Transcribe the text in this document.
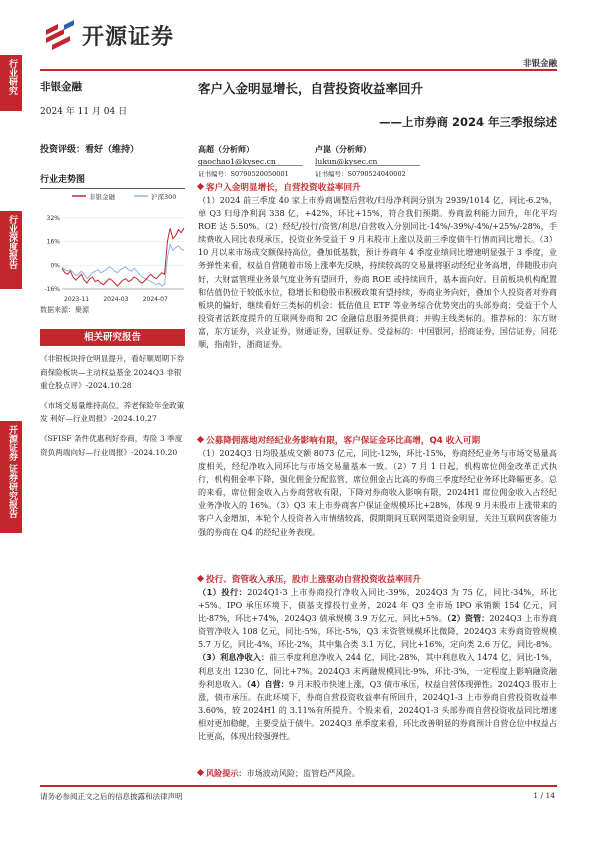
行业研究
行业深度报告
开源证券 证券研究报告
开源证券
非银金融
非银金融
2024 年 11 月 04 日
投资评级：看好（维持）
行业走势图
非银金融	沪深300
-16%
0%
16%
32%
2023-11 2024-03 2024-07
数据来源：聚源
相关研究报告
《非银板块持仓明显提升，看好顺周期下券商保险板块—主动权益基金 2024Q3 非银重仓股点评》-2024.10.28
《市场交易量维持高位，养老保险年金政策发 利好—行业周报》-2024.10.27
《SFISF 条件优惠利好券商，寿险 3 季度资负两端向好—行业周报》-2024.10.20
客户入金明显增长，自营投资收益率回升
——上市券商 2024 年三季报综述
高超（分析师）
gaochao1@kysec.cn
证书编号：S0790520050001
卢崑（分析师）
lukun@kysec.cn
证书编号：S0790524040002
客户入金明显增长，自营投资收益率回升
（1）2024 前三季度 40 家上市券商调整后营收/归母净利润分别为 2939/1014 亿，同比-6.2%，单 Q3 归母净利润 338 亿，+42%，环比+15%，符合我们预期。券商盈利能力回升，年化平均 ROE 达 5.50%。（2）经纪/投行/资管/利息/自营收入分别同比-14%/-39%/-4%/+25%/-28%，手续费收入同比表现承压，投资业务受益于 9 月末股市上涨以及前三季度债牛行情而同比增长。（3）10 月以来市场成交额保持高位，叠加低基数，预计券商年 4 季度业绩同比增速明显强于 3 季度，业务弹性来看，权益自营随着市场上涨率先反映，持续较高的交易量将驱动经纪业务高增，伴随股市向好，大财富管理业务景气度业务有望回升，券商 ROE 或持续回升，基本面向好。目前板块机构配置和估值仍位于较低水位，稳增长和稳股市积极政策有望持续，券商业务向好，叠加个人投资者对券商板块的偏好，继续看好三类标的机会：低估值且 ETF 等业务综合优势突出的头部券商；受益于个人投资者活跃度提升的互联网券商和 2C 金融信息服务提供商；并购主线类标的。推荐标的：东方财富，东方证券，兴业证券，财通证券，国联证券。受益标的：中国银河，招商证券，国信证券，同花顺，指南针，浙商证券。
公募降佣落地对经纪业务影响有限，客户保证金环比高增，Q4 收入可期
（1）2024Q3 日均股基成交额 8073 亿元，同比-12%，环比-15%，券商经纪业务与市场交易量高度相关，经纪净收入同环比与市场交易量基本一致。（2）7 月 1 日起，机构席位佣金改革正式执行，机构佣金率下降，强化佣金分配监管，席位佣金占比高的券商三季度经纪业务环比降幅更多。总的来看，席位佣金收入占券商营收有限，下降对券商收入影响有限，2024H1 席位佣金收入占经纪业务净收入的 16%。（3）Q3 末上市券商客户保证金规模环比+28%，体现 9 月末股市上涨带来的客户入金增加，本轮个人投资者入市情绪较高，假期期间互联网渠道资金明显，关注互联网获客能力强的券商在 Q4 的经纪业务表现。
投行、资管收入承压，股市上涨驱动自营投资收益率回升
（1）投行：2024Q1-3 上市券商投行净收入同比-39%，2024Q3 为 75 亿，同比-34%，环比+5%。IPO 承压环境下，债基支撑投行业务，2024 年 Q3 全市场 IPO 承销额 154 亿元，同比-87%，环比+74%，2024Q3 债承规模 3.9 万亿元，同比+5%。（2）资管：2024Q3 上市券商资管净收入 108 亿元，同比-5%，环比-5%，Q3 末资管规模环比微降，2024Q3 末券商资管规模 5.7 万亿，同比-4%，环比-2%，其中集合类 3.1 万亿，同比+16%，定向类 2.6 万亿，同比-8%。（3）利息净收入：前三季度利息净收入 244 亿，同比-28%，其中利息收入 1474 亿，同比-1%，利息支出 1230 亿，同比+7%。2024Q3 末两融规模同比-9%，环比-3%，一定程度上影响融资融券利息收入。（4）自营：9 月末股市快速上涨，Q3 债市承压，权益自营体现弹性。2024Q3 股市上涨，债市承压。在此环境下，券商自营投资收益率有所回升，2024Q1-3 上市券商自营投资收益率 3.60%，较 2024H1 的 3.11%有所提升。个股来看，2024Q1-3 头部券商自营投资收益同比增速相对更加稳健，主要受益于债牛。2024Q3 单季度来看，环比改善明显的券商预计自营仓位中权益占比更高，体现出较强弹性。
风险提示：市场波动风险；监管趋严风险。
请务必参阅正文之后的信息披露和法律声明	1 / 14
